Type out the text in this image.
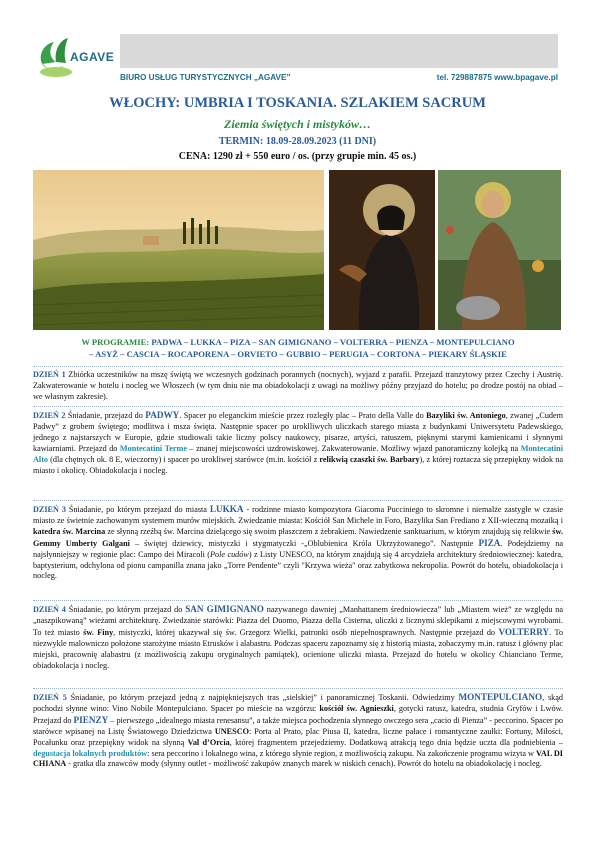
AGAVE
BIURO USŁUG TURYSTYCZNYCH „AGAVE”	tel. 729887875 www.bpagave.pl
WŁOCHY: UMBRIA I TOSKANIA. SZLAKIEM SACRUM
Ziemia świętych i mistyków…
TERMIN: 18.09-28.09.2023 (11 DNI)
CENA: 1290 zł + 550 euro / os. (przy grupie min. 45 os.)
W PROGRAMIE: PADWA – LUKKA – PIZA – SAN GIMIGNANO – VOLTERRA – PIENZA – MONTEPULCIANO
– ASYŻ – CASCIA – ROCAPORENA – ORVIETO – GUBBIO – PERUGIA – CORTONA – PIEKARY ŚLĄSKIE
DZIEŃ 1 Zbiórka uczestników na mszę świętą we wczesnych godzinach porannych (nocnych), wyjazd z parafii. Przejazd tranzytowy przez Czechy i Austrię. Zakwaterowanie w hotelu i nocleg we Włoszech (w tym dniu nie ma obiadokolacji z uwagi na możliwy późny przyjazd do hotelu; po drodze postój na obiad – we własnym zakresie).
DZIEŃ 2 Śniadanie, przejazd do PADWY. Spacer po eleganckim mieście przez rozległy plac – Prato della Valle do Bazyliki św. Antoniego, zwanej „Cudem Padwy” z grobem świętego; modlitwa i msza święta. Następnie spacer po uroklliwych uliczkach starego miasta z budynkami Uniwersytetu Padewskiego, jednego z najstarszych w Europie, gdzie studiowali takie liczny polscy naukowcy, pisarze, artyści, ratuszem, pięknymi starymi kamienicami i słynnymi kawiarniami. Przejazd do Montecatini Terme – znanej miejscowości uzdrowiskowej. Zakwaterowanie. Możliwy wjazd panoramiczny kolejką na Montecatini Alto (dla chętnych ok. 8 E, wieczorny) i spacer po urokliwej starówce (m.in. kościół z relikwią czaszki św. Barbary), z której roztacza się przepiękny widok na miasto i okolicę. Obiadokolacja i nocleg.
DZIEŃ 3 Śniadanie, po którym przejazd do miasta LUKKA - rodzinne miasto kompozytora Giacoma Pucciniego to skromne i niemalże zastygłe w czasie miasto ze świetnie zachowanym systemem murów miejskich. Zwiedzanie miasta: Kościół San Michele in Foro, Bazylika San Frediano z XII-wieczną mozaiką i katedra św. Marcina ze słynną rzeźbą św. Marcina dzielącego się swoim płaszczem z żebrakiem. Nawiedzenie sanktuarium, w którym znajdują się relikwie św. Gemmy Umberty Galgani – świętej dziewicy, mistyczki i stygmatyczki -„Oblubienica Króla Ukrzyżowanego”. Następnie PIZA. Podejdziemy na najsłynniejszy w regionie plac: Campo dei Miracoli (Pole cudów) z Listy UNESCO, na którym znajdują się 4 arcydzieła architektury średniowiecznej: katedra, baptysterium, odchylona od pionu campanilla znana jako „Torre Pendente” czyli "Krzywa wieża" oraz zabytkowa nekropolia. Powrót do hotelu, obiadokolacja i nocleg.
DZIEŃ 4 Śniadanie, po którym przejazd do SAN GIMIGNANO nazywanego dawniej „Manhattanem średniowiecza” lub „Miastem wież” ze względu na „naszpikowaną” wieżami architekturę. Zwiedzanie starówki: Piazza del Duomo, Piazza della Cisterna, uliczki z licznymi sklepikami z miejscowymi wyrobami. To też miasto św. Finy, mistyczki, której ukazywał się św. Grzegorz Wielki, patronki osób niepełnosprawnych. Następnie przejazd do VOLTERRY. To niezwykle malowniczo położone starożytne miasto Etrusków i alabastru. Podczas spaceru zapoznamy się z historią miasta, zobaczymy m.in. ratusz i główny plac miejski, pracownię alabastru (z możliwością zakupu oryginalnych pamiątek), ocienione uliczki miasta. Przejazd do hotelu w okolicy Chianciano Terme, obiadokolacja i nocleg.
DZIEŃ 5 Śniadanie, po którym przejazd jedną z najpiękniejszych tras „sielskiej” i panoramicznej Toskanii. Odwiedzimy MONTEPULCIANO, skąd pochodzi słynne wino: Vino Nobile Montepulciano. Spacer po mieście na wzgórzu: kościół św. Agnieszki, gotycki ratusz, katedra, studnia Gryfów i Lwów. Przejazd do PIENZY – pierwszego „idealnego miasta renesansu”, a także miejsca pochodzenia słynnego owczego sera „cacio di Pienza” - peccorino. Spacer po starówce wpisanej na Listę Światowego Dziedzictwa UNESCO: Porta al Prato, plac Piusa II, katedra, liczne pałace i romantyczne zaułki: Fortuny, Miłości, Pocałunku oraz przepiękny widok na słynną Val d’Orcia, której fragmentem przejedziemy. Dodatkową atrakcją tego dnia będzie uczta dla podniebienia – degustacja lokalnych produktów: sera peccorino i lokalnego wina, z którego słynie region, z możliwością zakupu. Na zakończenie programu wizyta w VAL DI CHIANA - gratka dla znawców mody (słynny outlet - możliwość zakupów znanych marek w niskich cenach). Powrót do hotelu na obiadokolację i nocleg.
